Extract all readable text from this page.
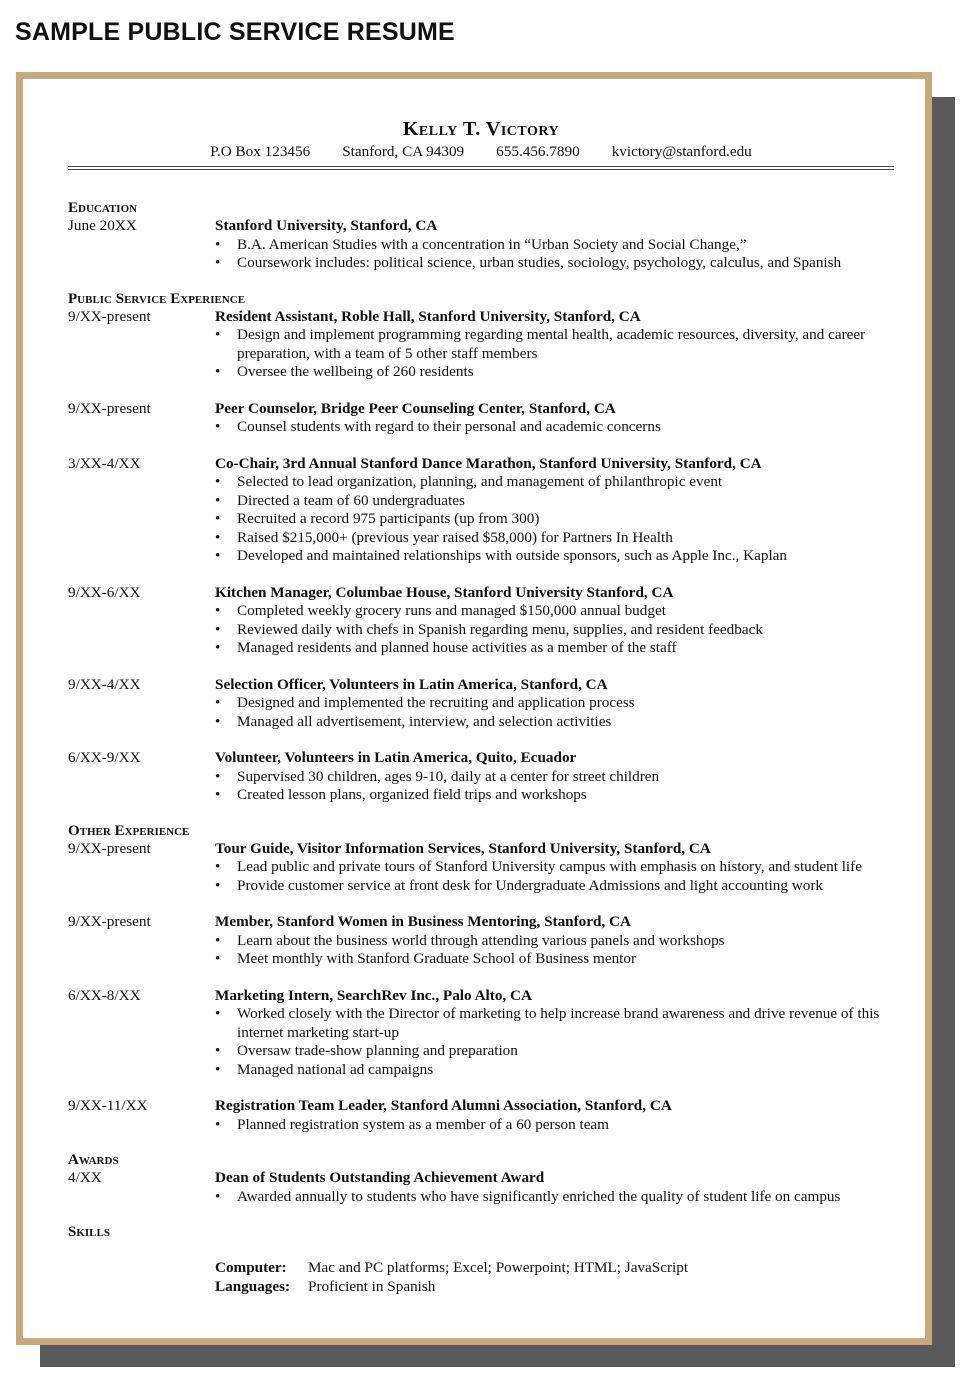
SAMPLE PUBLIC SERVICE RESUME
Kelly T. Victory
P.O Box 123456 Stanford, CA 94309 655.456.7890 kvictory@stanford.edu
Education
June 20XX	Stanford University, Stanford, CA
• B.A. American Studies with a concentration in “Urban Society and Social Change,”
• Coursework includes: political science, urban studies, sociology, psychology, calculus, and Spanish
Public Service Experience
9/XX-present	Resident Assistant, Roble Hall, Stanford University, Stanford, CA
• Design and implement programming regarding mental health, academic resources, diversity, and career preparation, with a team of 5 other staff members
• Oversee the wellbeing of 260 residents
9/XX-present	Peer Counselor, Bridge Peer Counseling Center, Stanford, CA
• Counsel students with regard to their personal and academic concerns
3/XX-4/XX	Co-Chair, 3rd Annual Stanford Dance Marathon, Stanford University, Stanford, CA
• Selected to lead organization, planning, and management of philanthropic event
• Directed a team of 60 undergraduates
• Recruited a record 975 participants (up from 300)
• Raised $215,000+ (previous year raised $58,000) for Partners In Health
• Developed and maintained relationships with outside sponsors, such as Apple Inc., Kaplan
9/XX-6/XX	Kitchen Manager, Columbae House, Stanford University Stanford, CA
• Completed weekly grocery runs and managed $150,000 annual budget
• Reviewed daily with chefs in Spanish regarding menu, supplies, and resident feedback
• Managed residents and planned house activities as a member of the staff
9/XX-4/XX	Selection Officer, Volunteers in Latin America, Stanford, CA
• Designed and implemented the recruiting and application process
• Managed all advertisement, interview, and selection activities
6/XX-9/XX	Volunteer, Volunteers in Latin America, Quito, Ecuador
• Supervised 30 children, ages 9-10, daily at a center for street children
• Created lesson plans, organized field trips and workshops
Other Experience
9/XX-present	Tour Guide, Visitor Information Services, Stanford University, Stanford, CA
• Lead public and private tours of Stanford University campus with emphasis on history, and student life
• Provide customer service at front desk for Undergraduate Admissions and light accounting work
9/XX-present	Member, Stanford Women in Business Mentoring, Stanford, CA
• Learn about the business world through attending various panels and workshops
• Meet monthly with Stanford Graduate School of Business mentor
6/XX-8/XX	Marketing Intern, SearchRev Inc., Palo Alto, CA
• Worked closely with the Director of marketing to help increase brand awareness and drive revenue of this internet marketing start-up
• Oversaw trade-show planning and preparation
• Managed national ad campaigns
9/XX-11/XX	Registration Team Leader, Stanford Alumni Association, Stanford, CA
• Planned registration system as a member of a 60 person team
Awards
4/XX	Dean of Students Outstanding Achievement Award
• Awarded annually to students who have significantly enriched the quality of student life on campus
Skills
Computer:	Mac and PC platforms; Excel; Powerpoint; HTML; JavaScript
Languages:	Proficient in Spanish
